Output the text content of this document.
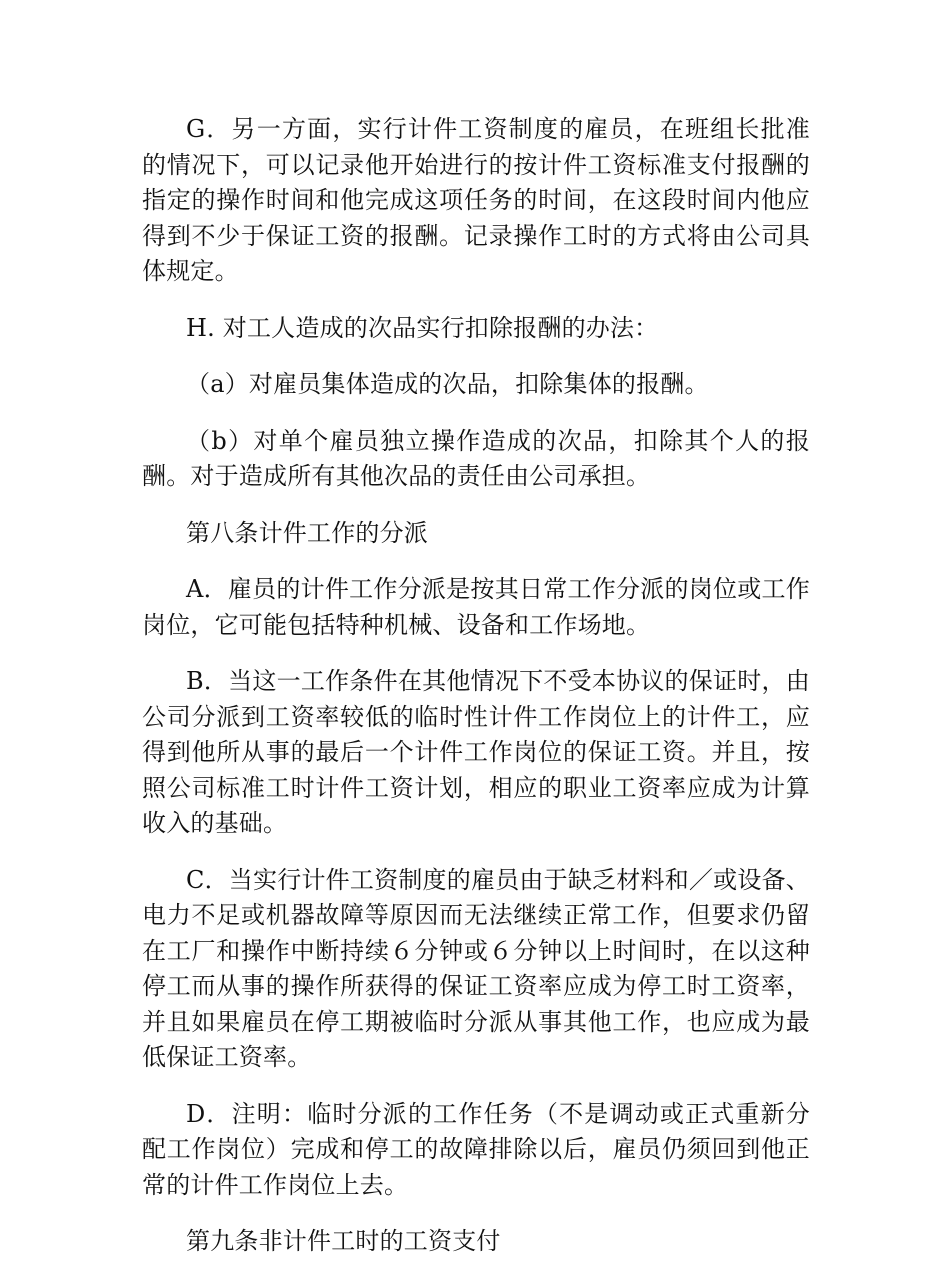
G．另一方面，实行计件工资制度的雇员，在班组长批准的情况下，可以记录他开始进行的按计件工资标准支付报酬的指定的操作时间和他完成这项任务的时间，在这段时间内他应得到不少于保证工资的报酬。记录操作工时的方式将由公司具体规定。

H. 对工人造成的次品实行扣除报酬的办法：

（a）对雇员集体造成的次品，扣除集体的报酬。

（b）对单个雇员独立操作造成的次品，扣除其个人的报酬。对于造成所有其他次品的责任由公司承担。

第八条计件工作的分派

A．雇员的计件工作分派是按其日常工作分派的岗位或工作岗位，它可能包括特种机械、设备和工作场地。

B．当这一工作条件在其他情况下不受本协议的保证时，由公司分派到工资率较低的临时性计件工作岗位上的计件工，应得到他所从事的最后一个计件工作岗位的保证工资。并且，按照公司标准工时计件工资计划，相应的职业工资率应成为计算收入的基础。

C．当实行计件工资制度的雇员由于缺乏材料和／或设备、电力不足或机器故障等原因而无法继续正常工作，但要求仍留在工厂和操作中断持续６分钟或６分钟以上时间时，在以这种停工而从事的操作所获得的保证工资率应成为停工时工资率，并且如果雇员在停工期被临时分派从事其他工作，也应成为最低保证工资率。

D．注明：临时分派的工作任务（不是调动或正式重新分配工作岗位）完成和停工的故障排除以后，雇员仍须回到他正常的计件工作岗位上去。

第九条非计件工时的工资支付
